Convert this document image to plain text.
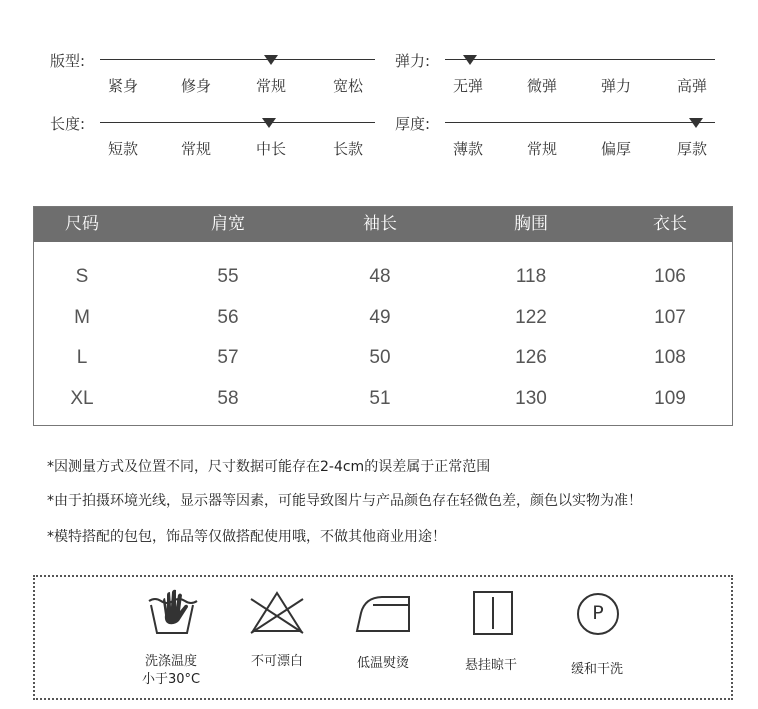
版型:
紧身	修身	常规	宽松
弹力:
无弹	微弹	弹力	高弹
长度:
短款	常规	中长	长款
厚度:
薄款	常规	偏厚	厚款
尺码	肩宽	袖长	胸围	衣长
S	55	48	118	106
M	56	49	122	107
L	57	50	126	108
XL	58	51	130	109
*因测量方式及位置不同，尺寸数据可能存在2-4cm的误差属于正常范围
*由于拍摄环境光线，显示器等因素，可能导致图片与产品颜色存在轻微色差，颜色以实物为准！
*模特搭配的包包，饰品等仅做搭配使用哦，不做其他商业用途！
洗涤温度
小于30°C
不可漂白	低温熨烫	悬挂晾干
P
缓和干洗
